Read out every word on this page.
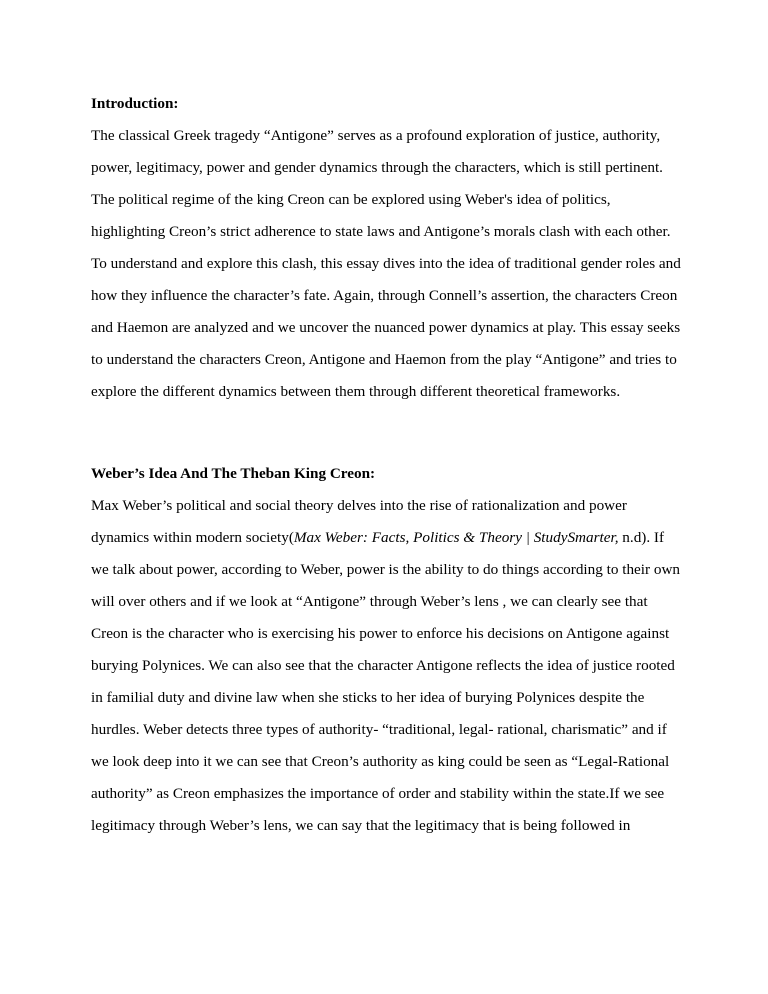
Introduction:

The classical Greek tragedy “Antigone” serves as a profound exploration of justice, authority,
power, legitimacy, power and gender dynamics through the characters, which is still pertinent.
The political regime of the king Creon can be explored using Weber's idea of politics,
highlighting Creon’s strict adherence to state laws and Antigone’s morals clash with each other.
To understand and explore this clash, this essay dives into the idea of traditional gender roles and
how they influence the character’s fate. Again, through Connell’s assertion, the characters Creon
and Haemon are analyzed and we uncover the nuanced power dynamics at play. This essay seeks
to understand the characters Creon, Antigone and Haemon from the play “Antigone” and tries to
explore the different dynamics between them through different theoretical frameworks.

Weber’s Idea And The Theban King Creon:

Max Weber’s political and social theory delves into the rise of rationalization and power
dynamics within modern society(Max Weber: Facts, Politics & Theory | StudySmarter, n.d). If
we talk about power, according to Weber, power is the ability to do things according to their own
will over others and if we look at “Antigone” through Weber’s lens , we can clearly see that
Creon is the character who is exercising his power to enforce his decisions on Antigone against
burying Polynices. We can also see that the character Antigone reflects the idea of justice rooted
in familial duty and divine law when she sticks to her idea of burying Polynices despite the
hurdles. Weber detects three types of authority- “traditional, legal- rational, charismatic” and if
we look deep into it we can see that Creon’s authority as king could be seen as “Legal-Rational
authority” as Creon emphasizes the importance of order and stability within the state.If we see
legitimacy through Weber’s lens, we can say that the legitimacy that is being followed in
